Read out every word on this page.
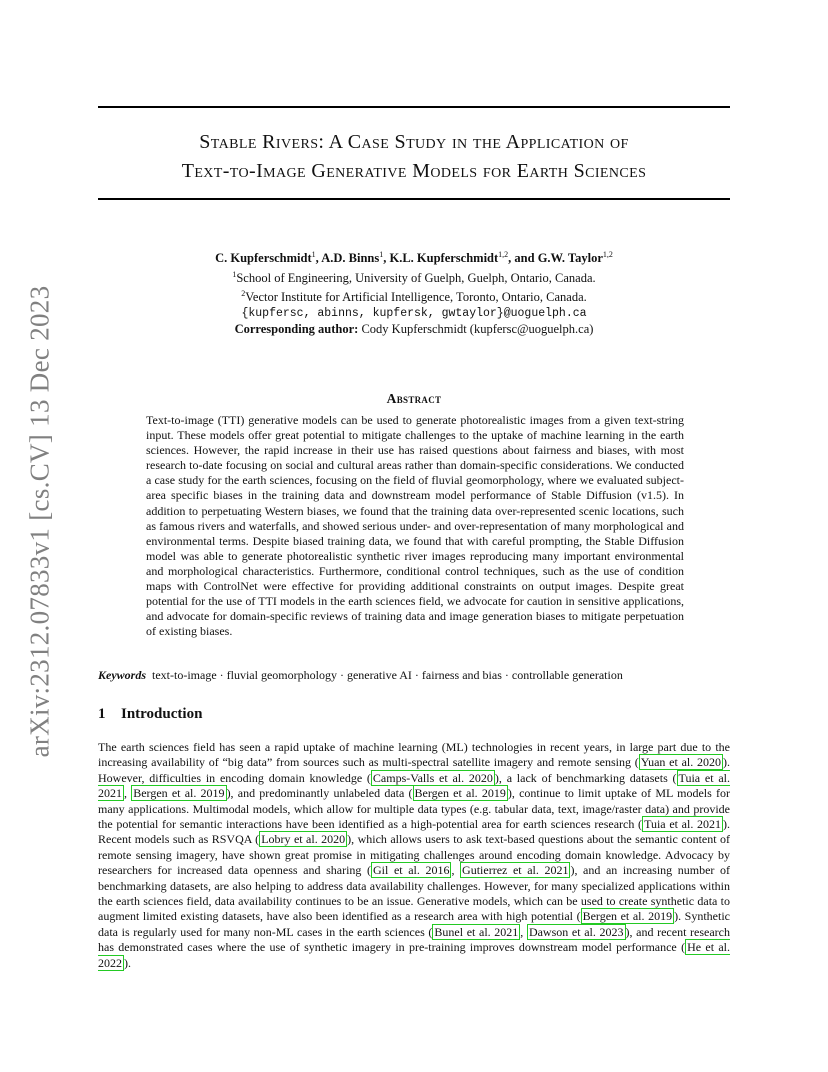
arXiv:2312.07833v1 [cs.CV] 13 Dec 2023
Stable Rivers: A Case Study in the Application of
Text-to-Image Generative Models for Earth Sciences
C. Kupferschmidt$^1$, A.D. Binns$^1$, K.L. Kupferschmidt$^{1,2}$, and G.W. Taylor$^{1,2}$
$^1$School of Engineering, University of Guelph, Guelph, Ontario, Canada.
$^2$Vector Institute for Artificial Intelligence, Toronto, Ontario, Canada.
{kupfersc, abinns, kupfersk, gwtaylor}@uoguelph.ca
Corresponding author: Cody Kupferschmidt (kupfersc@uoguelph.ca)
Abstract
Text-to-image (TTI) generative models can be used to generate photorealistic images from a given text-string input. These models offer great potential to mitigate challenges to the uptake of machine learning in the earth sciences. However, the rapid increase in their use has raised questions about fairness and biases, with most research to-date focusing on social and cultural areas rather than domain-specific considerations. We conducted a case study for the earth sciences, focusing on the field of fluvial geomorphology, where we evaluated subject-area specific biases in the training data and downstream model performance of Stable Diffusion (v1.5). In addition to perpetuating Western biases, we found that the training data over-represented scenic locations, such as famous rivers and waterfalls, and showed serious under- and over-representation of many morphological and environmental terms. Despite biased training data, we found that with careful prompting, the Stable Diffusion model was able to generate photorealistic synthetic river images reproducing many important environmental and morphological characteristics. Furthermore, conditional control techniques, such as the use of condition maps with ControlNet were effective for providing additional constraints on output images. Despite great potential for the use of TTI models in the earth sciences field, we advocate for caution in sensitive applications, and advocate for domain-specific reviews of training data and image generation biases to mitigate perpetuation of existing biases.
Keywords text-to-image · fluvial geomorphology · generative AI · fairness and bias · controllable generation
1 Introduction
The earth sciences field has seen a rapid uptake of machine learning (ML) technologies in recent years, in large part due to the increasing availability of “big data” from sources such as multi-spectral satellite imagery and remote sensing ( Yuan et al. 2020 ). However, difficulties in encoding domain knowledge ( Camps-Valls et al. 2020 ), a lack of benchmarking datasets ( Tuia et al. 2021 , Bergen et al. 2019 ), and predominantly unlabeled data ( Bergen et al. 2019 ), continue to limit uptake of ML models for many applications. Multimodal models, which allow for multiple data types (e.g. tabular data, text, image/raster data) and provide the potential for semantic interactions have been identified as a high-potential area for earth sciences research ( Tuia et al. 2021 ). Recent models such as RSVQA ( Lobry et al. 2020 ), which allows users to ask text-based questions about the semantic content of remote sensing imagery, have shown great promise in mitigating challenges around encoding domain knowledge. Advocacy by researchers for increased data openness and sharing ( Gil et al. 2016 , Gutierrez et al. 2021 ), and an increasing number of benchmarking datasets, are also helping to address data availability challenges. However, for many specialized applications within the earth sciences field, data availability continues to be an issue. Generative models, which can be used to create synthetic data to augment limited existing datasets, have also been identified as a research area with high potential ( Bergen et al. 2019 ). Synthetic data is regularly used for many non-ML cases in the earth sciences ( Bunel et al. 2021 , Dawson et al. 2023 ), and recent research has demonstrated cases where the use of synthetic imagery in pre-training improves downstream model performance ( He et al. 2022 ).
